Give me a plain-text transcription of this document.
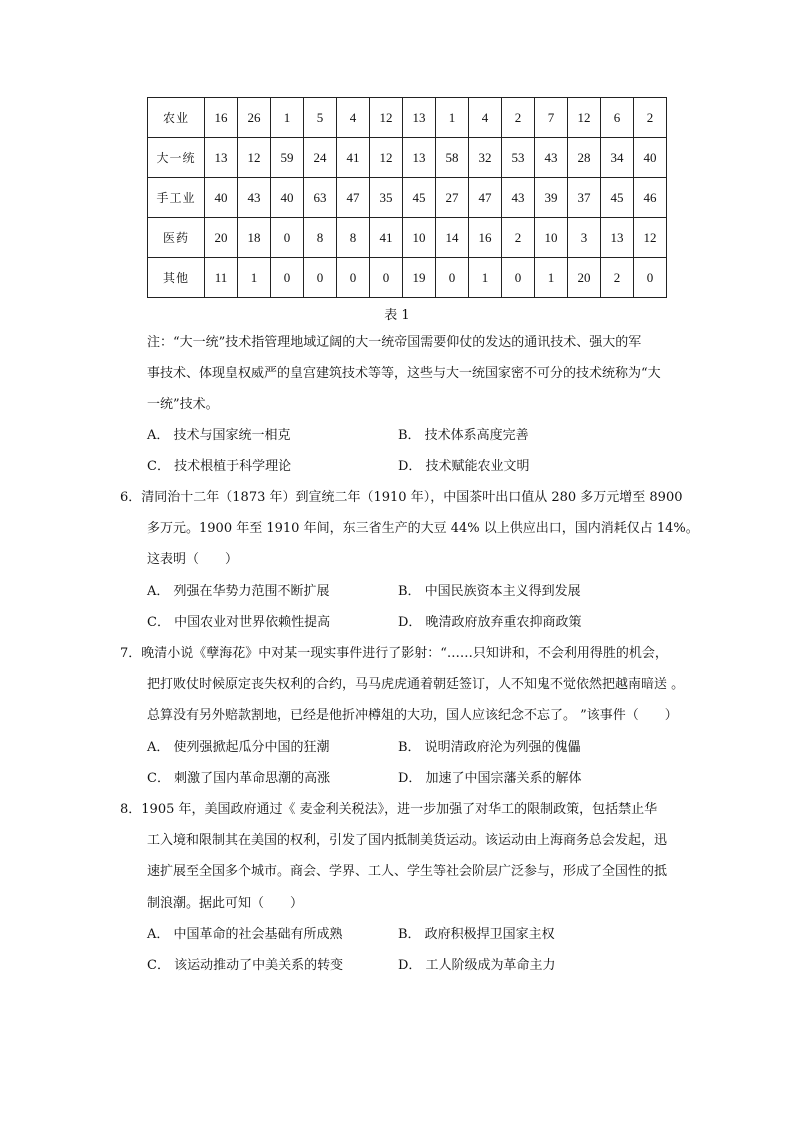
农业	16	26	1	5	4	12	13	1	4	2	7	12	6	2
大一统	13	12	59	24	41	12	13	58	32	53	43	28	34	40
手工业	40	43	40	63	47	35	45	27	47	43	39	37	45	46
医药	20	18	0	8	8	41	10	14	16	2	10	3	13	12
其他	11	1	0	0	0	0	19	0	1	0	1	20	2	0
表 1
注：“大一统”技术指管理地域辽阔的大一统帝国需要仰仗的发达的通讯技术、强大的军
事技术、体现皇权威严的皇宫建筑技术等等，这些与大一统国家密不可分的技术统称为“大
一统”技术。
A． 技术与国家统一相克	B． 技术体系高度完善
C． 技术根植于科学理论	D． 技术赋能农业文明
6．清同治十二年（1873 年）到宣统二年（1910 年），中国茶叶出口值从 280 多万元增至 8900
多万元。1900 年至 1910 年间，东三省生产的大豆 44% 以上供应出口，国内消耗仅占 14%。
这表明（　　）
A． 列强在华势力范围不断扩展	B． 中国民族资本主义得到发展
C． 中国农业对世界依赖性提高	D． 晚清政府放弃重农抑商政策
7．晚清小说《孽海花》中对某一现实事件进行了影射：“……只知讲和，不会利用得胜的机会，
把打败仗时候原定丧失权利的合约，马马虎虎通着朝廷签订，人不知鬼不觉依然把越南暗送 。
总算没有另外赔款割地，已经是他折冲樽俎的大功，国人应该纪念不忘了。 ”该事件（　　）
A． 使列强掀起瓜分中国的狂潮	B． 说明清政府沦为列强的傀儡
C． 刺激了国内革命思潮的高涨	D． 加速了中国宗藩关系的解体
8．1905 年，美国政府通过《 麦金利关税法》，进一步加强了对华工的限制政策，包括禁止华
工入境和限制其在美国的权利，引发了国内抵制美货运动。该运动由上海商务总会发起，迅
速扩展至全国多个城市。商会、学界、工人、学生等社会阶层广泛参与，形成了全国性的抵
制浪潮。据此可知（　　）
A． 中国革命的社会基础有所成熟	B． 政府积极捍卫国家主权
C． 该运动推动了中美关系的转变	D． 工人阶级成为革命主力
